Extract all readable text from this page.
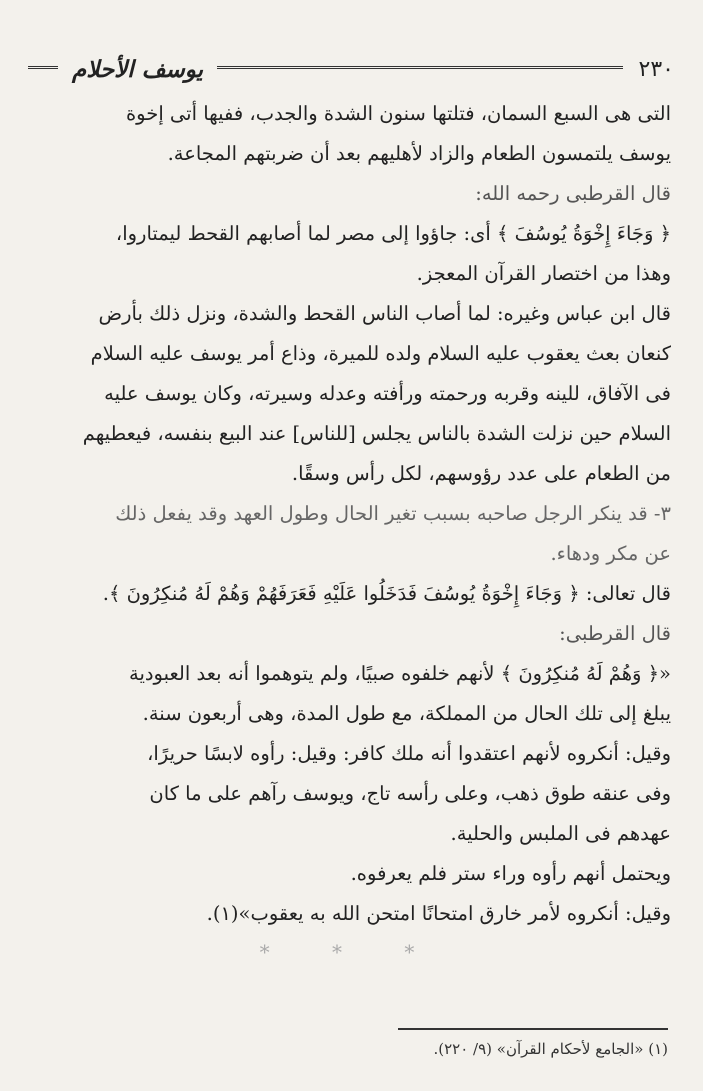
٢٣٠
يوسف الأحلام
التى هى السبع السمان، فتلتها سنون الشدة والجدب، ففيها أتى إخوة
يوسف يلتمسون الطعام والزاد لأهليهم بعد أن ضربتهم المجاعة.
قال القرطبى رحمه الله:
﴿ وَجَاءَ إِخْوَةُ يُوسُفَ ﴾ أى: جاؤوا إلى مصر لما أصابهم القحط ليمتاروا،
وهذا من اختصار القرآن المعجز.
قال ابن عباس وغيره: لما أصاب الناس القحط والشدة، ونزل ذلك بأرض
كنعان بعث يعقوب عليه السلام ولده للميرة، وذاع أمر يوسف عليه السلام
فى الآفاق، للينه وقربه ورحمته ورأفته وعدله وسيرته، وكان يوسف عليه
السلام حين نزلت الشدة بالناس يجلس [للناس] عند البيع بنفسه، فيعطيهم
من الطعام على عدد رؤوسهم، لكل رأس وسقًا.
٣- قد ينكر الرجل صاحبه بسبب تغير الحال وطول العهد وقد يفعل ذلك
عن مكر ودهاء.
قال تعالى: ﴿ وَجَاءَ إِخْوَةُ يُوسُفَ فَدَخَلُوا عَلَيْهِ فَعَرَفَهُمْ وَهُمْ لَهُ مُنكِرُونَ ﴾.
قال القرطبى:
«﴿ وَهُمْ لَهُ مُنكِرُونَ ﴾ لأنهم خلفوه صبيًا، ولم يتوهموا أنه بعد العبودية
يبلغ إلى تلك الحال من المملكة، مع طول المدة، وهى أربعون سنة.
وقيل: أنكروه لأنهم اعتقدوا أنه ملك كافر: وقيل: رأوه لابسًا حريرًا،
وفى عنقه طوق ذهب، وعلى رأسه تاج، ويوسف رآهم على ما كان
عهدهم فى الملبس والحلية.
ويحتمل أنهم رأوه وراء ستر فلم يعرفوه.
وقيل: أنكروه لأمر خارق امتحانًا امتحن الله به يعقوب»(١).
* * *
(١) «الجامع لأحكام القرآن» (٩/ ٢٢٠).
